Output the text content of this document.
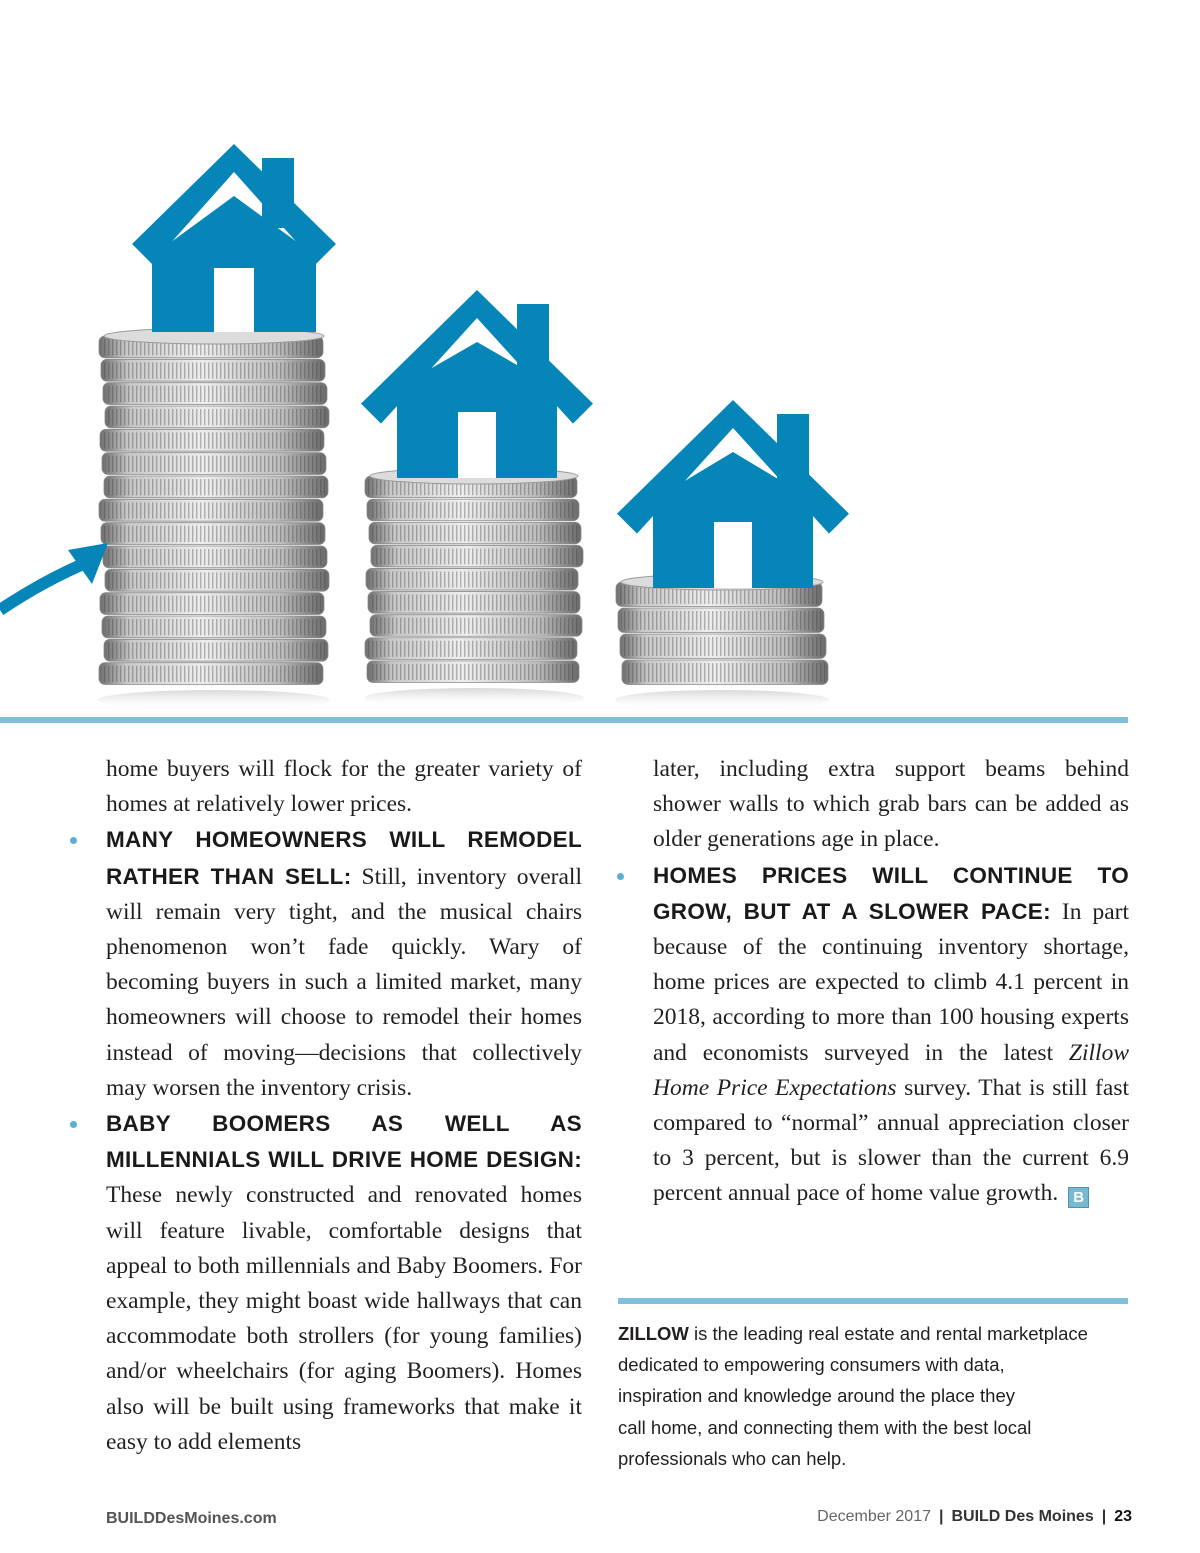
home buyers will flock for the greater variety of homes at relatively lower prices.

MANY HOMEOWNERS WILL REMODEL RATHER THAN SELL: Still, inventory overall will remain very tight, and the musical chairs phenomenon won’t fade quickly. Wary of becoming buyers in such a limited market, many homeowners will choose to remodel their homes instead of moving—decisions that collectively may worsen the inventory crisis.

BABY BOOMERS AS WELL AS MILLENNIALS WILL DRIVE HOME DESIGN: These newly constructed and renovated homes will feature livable, comfortable designs that appeal to both millennials and Baby Boomers. For example, they might boast wide hallways that can accommodate both strollers (for young families) and/or wheelchairs (for aging Boomers). Homes also will be built using frameworks that make it easy to add elements

later, including extra support beams behind shower walls to which grab bars can be added as older generations age in place.

HOMES PRICES WILL CONTINUE TO GROW, BUT AT A SLOWER PACE: In part because of the continuing inventory shortage, home prices are expected to climb 4.1 percent in 2018, according to more than 100 housing experts and economists surveyed in the latest Zillow Home Price Expectations survey. That is still fast compared to “normal” annual appreciation closer to 3 percent, but is slower than the current 6.9 percent annual pace of home value growth. B

ZILLOW is the leading real estate and rental marketplace
dedicated to empowering consumers with data,
inspiration and knowledge around the place they
call home, and connecting them with the best local
professionals who can help.
BUILDDesMoines.com	December 2017 | BUILD Des Moines | 23
